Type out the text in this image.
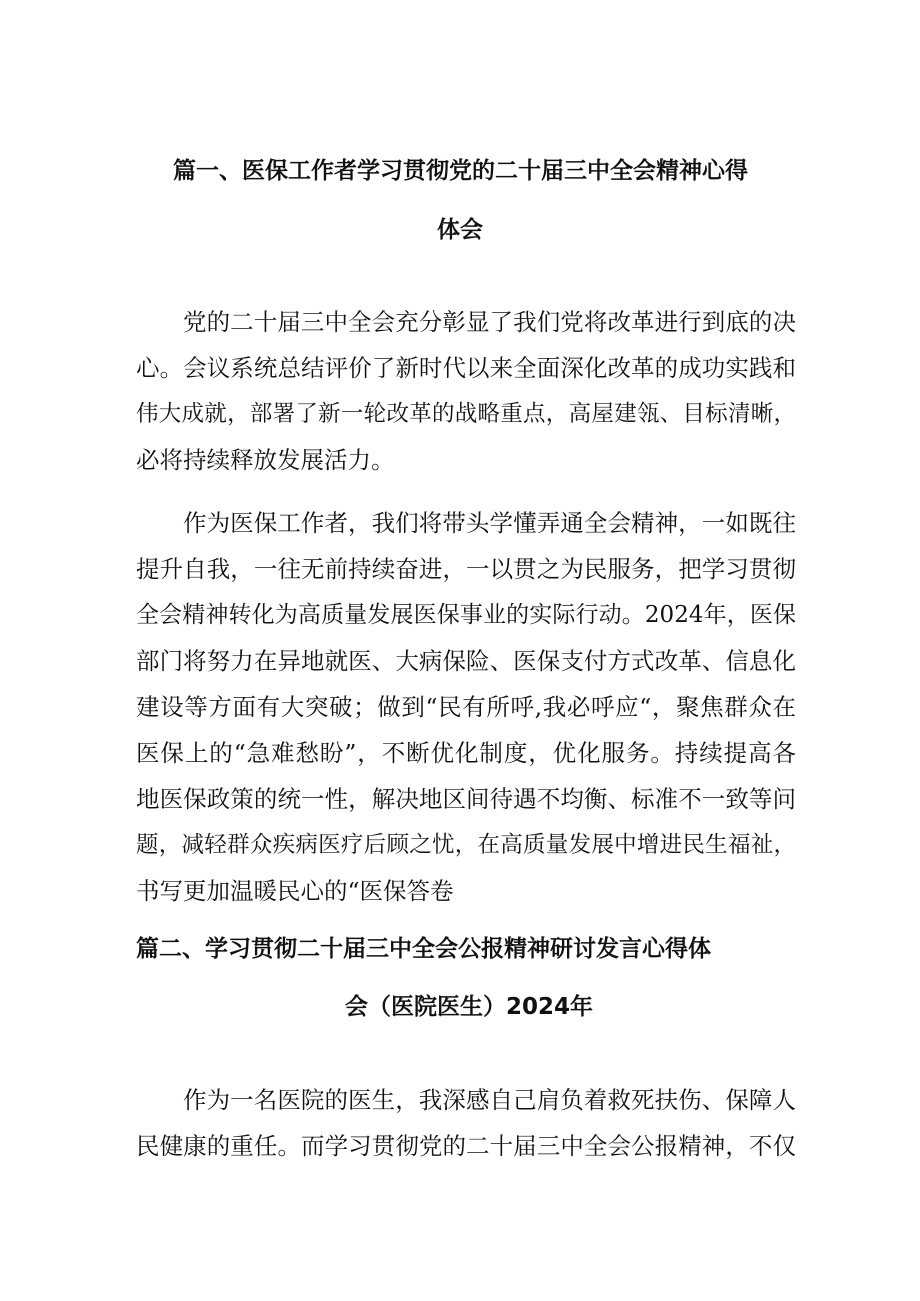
篇一、医保工作者学习贯彻党的二十届三中全会精神心得
体会
党的二十届三中全会充分彰显了我们党将改革进行到底的决
心。会议系统总结评价了新时代以来全面深化改革的成功实践和
伟大成就，部署了新一轮改革的战略重点，高屋建瓴、目标清晰，
必将持续释放发展活力。
作为医保工作者，我们将带头学懂弄通全会精神，一如既往
提升自我，一往无前持续奋进，一以贯之为民服务，把学习贯彻
全会精神转化为高质量发展医保事业的实际行动。2024年，医保
部门将努力在异地就医、大病保险、医保支付方式改革、信息化
建设等方面有大突破；做到“民有所呼,我必呼应“，聚焦群众在
医保上的“急难愁盼”，不断优化制度，优化服务。持续提高各
地医保政策的统一性，解决地区间待遇不均衡、标准不一致等问
题，减轻群众疾病医疗后顾之忧，在高质量发展中增进民生福祉，
书写更加温暖民心的“医保答卷
篇二、学习贯彻二十届三中全会公报精神研讨发言心得体
会（医院医生）2024年
作为一名医院的医生，我深感自己肩负着救死扶伤、保障人
民健康的重任。而学习贯彻党的二十届三中全会公报精神，不仅
